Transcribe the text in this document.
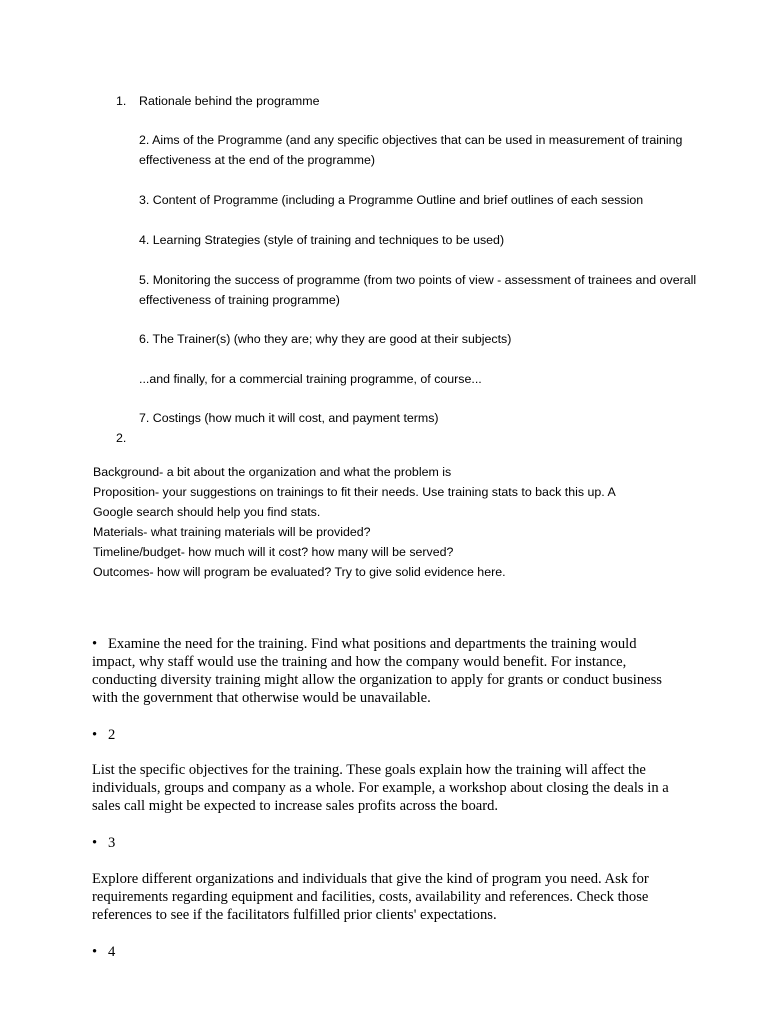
1. Rationale behind the programme
2. Aims of the Programme (and any specific objectives that can be used in measurement of training effectiveness at the end of the programme)
3. Content of Programme (including a Programme Outline and brief outlines of each session
4. Learning Strategies (style of training and techniques to be used)
5. Monitoring the success of programme (from two points of view - assessment of trainees and overall effectiveness of training programme)
6. The Trainer(s) (who they are; why they are good at their subjects)
...and finally, for a commercial training programme, of course...
7. Costings (how much it will cost, and payment terms)
2.
Background- a bit about the organization and what the problem is
Proposition- your suggestions on trainings to fit their needs. Use training stats to back this up. A Google search should help you find stats.
Materials- what training materials will be provided?
Timeline/budget- how much will it cost? how many will be served?
Outcomes- how will program be evaluated? Try to give solid evidence here.
• Examine the need for the training. Find what positions and departments the training would impact, why staff would use the training and how the company would benefit. For instance, conducting diversity training might allow the organization to apply for grants or conduct business with the government that otherwise would be unavailable.
• 2
List the specific objectives for the training. These goals explain how the training will affect the individuals, groups and company as a whole. For example, a workshop about closing the deals in a sales call might be expected to increase sales profits across the board.
• 3
Explore different organizations and individuals that give the kind of program you need. Ask for requirements regarding equipment and facilities, costs, availability and references. Check those references to see if the facilitators fulfilled prior clients' expectations.
• 4
